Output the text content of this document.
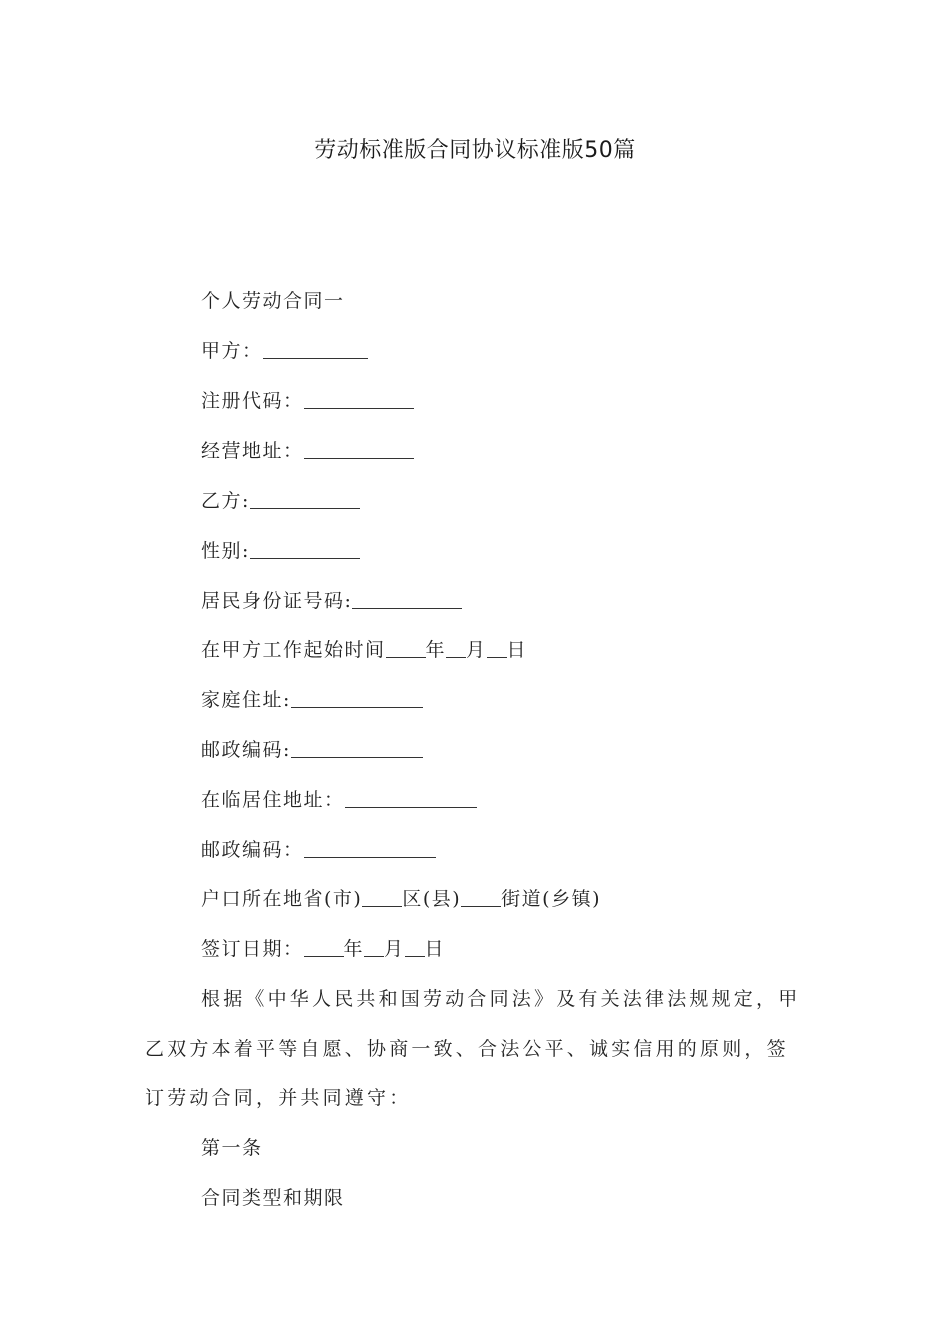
劳动标准版合同协议标准版50篇
个人劳动合同一
甲方：
注册代码：
经营地址：
乙方:
性别:
居民身份证号码:
在甲方工作起始时间 年 月 日
家庭住址:
邮政编码:
在临居住地址：
邮政编码：
户口所在地省(市) 区(县) 街道(乡镇)
签订日期： 年 月 日
根据《中华人民共和国劳动合同法》及有关法律法规规定，甲
乙双方本着平等自愿、协商一致、合法公平、诚实信用的原则，签
订劳动合同，并共同遵守：
第一条
合同类型和期限
